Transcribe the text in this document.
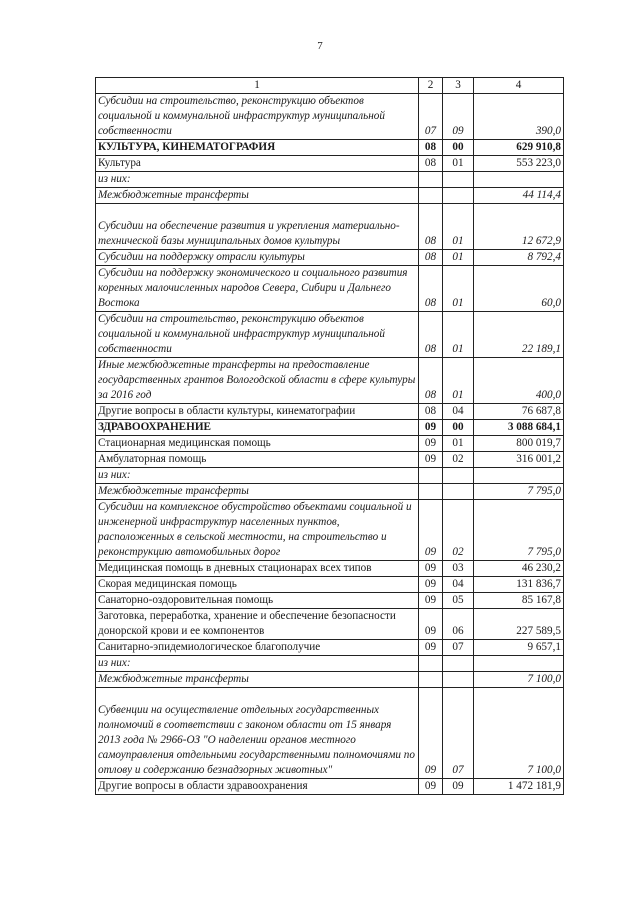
7
1	2	3	4
Субсидии на строительство, реконструкцию объектов социальной и коммунальной инфраструктур муниципальной собственности	07	09	390,0
КУЛЬТУРА, КИНЕМАТОГРАФИЯ	08	00	629 910,8
Культура	08	01	553 223,0
из них:			
Межбюджетные трансферты			44 114,4
Субсидии на обеспечение развития и укрепления материально-технической базы муниципальных домов культуры	08	01	12 672,9
Субсидии на поддержку отрасли культуры	08	01	8 792,4
Субсидии на поддержку экономического и социального развития коренных малочисленных народов Севера, Сибири и Дальнего Востока	08	01	60,0
Субсидии на строительство, реконструкцию объектов социальной и коммунальной инфраструктур муниципальной собственности	08	01	22 189,1
Иные межбюджетные трансферты на предоставление государственных грантов Вологодской области в сфере культуры за 2016 год	08	01	400,0
Другие вопросы в области культуры, кинематографии	08	04	76 687,8
ЗДРАВООХРАНЕНИЕ	09	00	3 088 684,1
Стационарная медицинская помощь	09	01	800 019,7
Амбулаторная помощь	09	02	316 001,2
из них:			
Межбюджетные трансферты			7 795,0
Субсидии на комплексное обустройство объектами социальной и инженерной инфраструктур населенных пунктов, расположенных в сельской местности, на строительство и реконструкцию автомобильных дорог	09	02	7 795,0
Медицинская помощь в дневных стационарах всех типов	09	03	46 230,2
Скорая медицинская помощь	09	04	131 836,7
Санаторно-оздоровительная помощь	09	05	85 167,8
Заготовка, переработка, хранение и обеспечение безопасности донорской крови и ее компонентов	09	06	227 589,5
Санитарно-эпидемиологическое благополучие	09	07	9 657,1
из них:			
Межбюджетные трансферты			7 100,0
Субвенции на осуществление отдельных государственных полномочий в соответствии с законом области от 15 января 2013 года № 2966-ОЗ "О наделении органов местного самоуправления отдельными государственными полномочиями по отлову и содержанию безнадзорных животных"	09	07	7 100,0
Другие вопросы в области здравоохранения	09	09	1 472 181,9
